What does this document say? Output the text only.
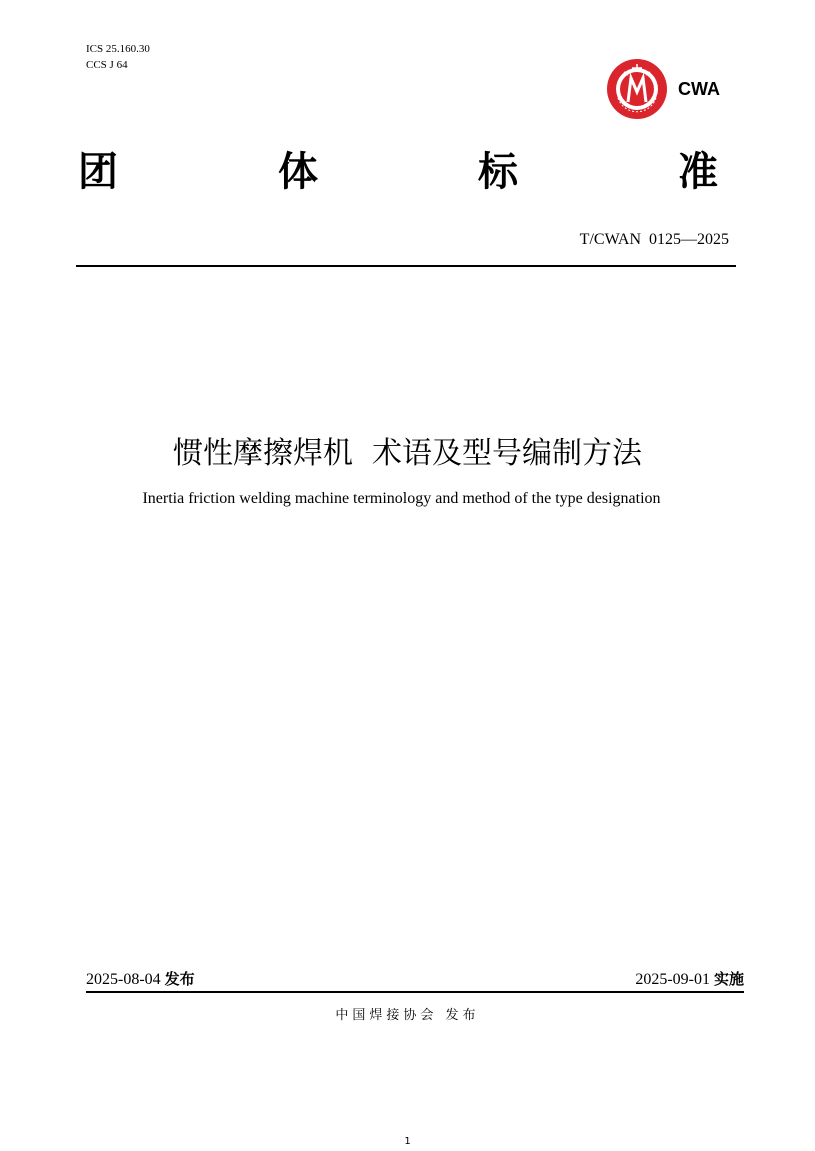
ICS 25.160.30
CCS J 64
CWA
团	体	标	准
T/CWAN  0125—2025
惯性摩擦焊机  术语及型号编制方法
Inertia friction welding machine terminology and method of the type designation
2025-08-04 发布	2025-09-01 实施
中国焊接协会 发布
1
